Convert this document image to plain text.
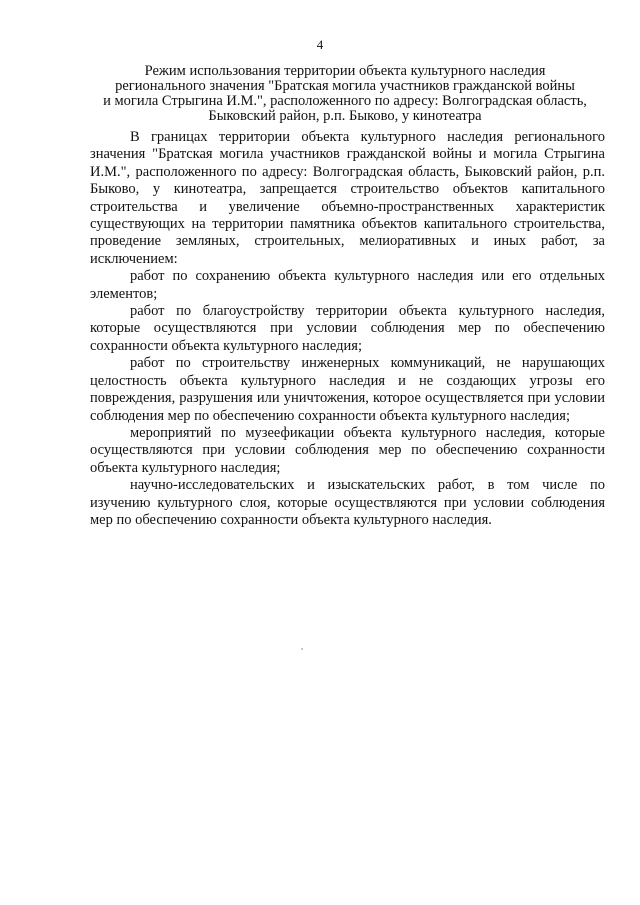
4
Режим использования территории объекта культурного наследия
регионального значения "Братская могила участников гражданской войны
и могила Стрыгина И.М.", расположенного по адресу: Волгоградская область,
Быковский район, р.п. Быково, у кинотеатра

В границах территории объекта культурного наследия регионального значения "Братская могила участников гражданской войны и могила Стрыгина И.М.", расположенного по адресу: Волгоградская область, Быковский район, р.п. Быково, у кинотеатра, запрещается строительство объектов капитального строительства и увеличение объемно-пространственных характеристик существующих на территории памятника объектов капитального строительства, проведение земляных, строительных, мелиоративных и иных работ, за исключением:

работ по сохранению объекта культурного наследия или его отдельных элементов;

работ по благоустройству территории объекта культурного наследия, которые осуществляются при условии соблюдения мер по обеспечению сохранности объекта культурного наследия;

работ по строительству инженерных коммуникаций, не нарушающих целостность объекта культурного наследия и не создающих угрозы его повреждения, разрушения или уничтожения, которое осуществляется при условии соблюдения мер по обеспечению сохранности объекта культурного наследия;

мероприятий по музеефикации объекта культурного наследия, которые осуществляются при условии соблюдения мер по обеспечению сохранности объекта культурного наследия;

научно-исследовательских и изыскательских работ, в том числе по изучению культурного слоя, которые осуществляются при условии соблюдения мер по обеспечению сохранности объекта культурного наследия.
